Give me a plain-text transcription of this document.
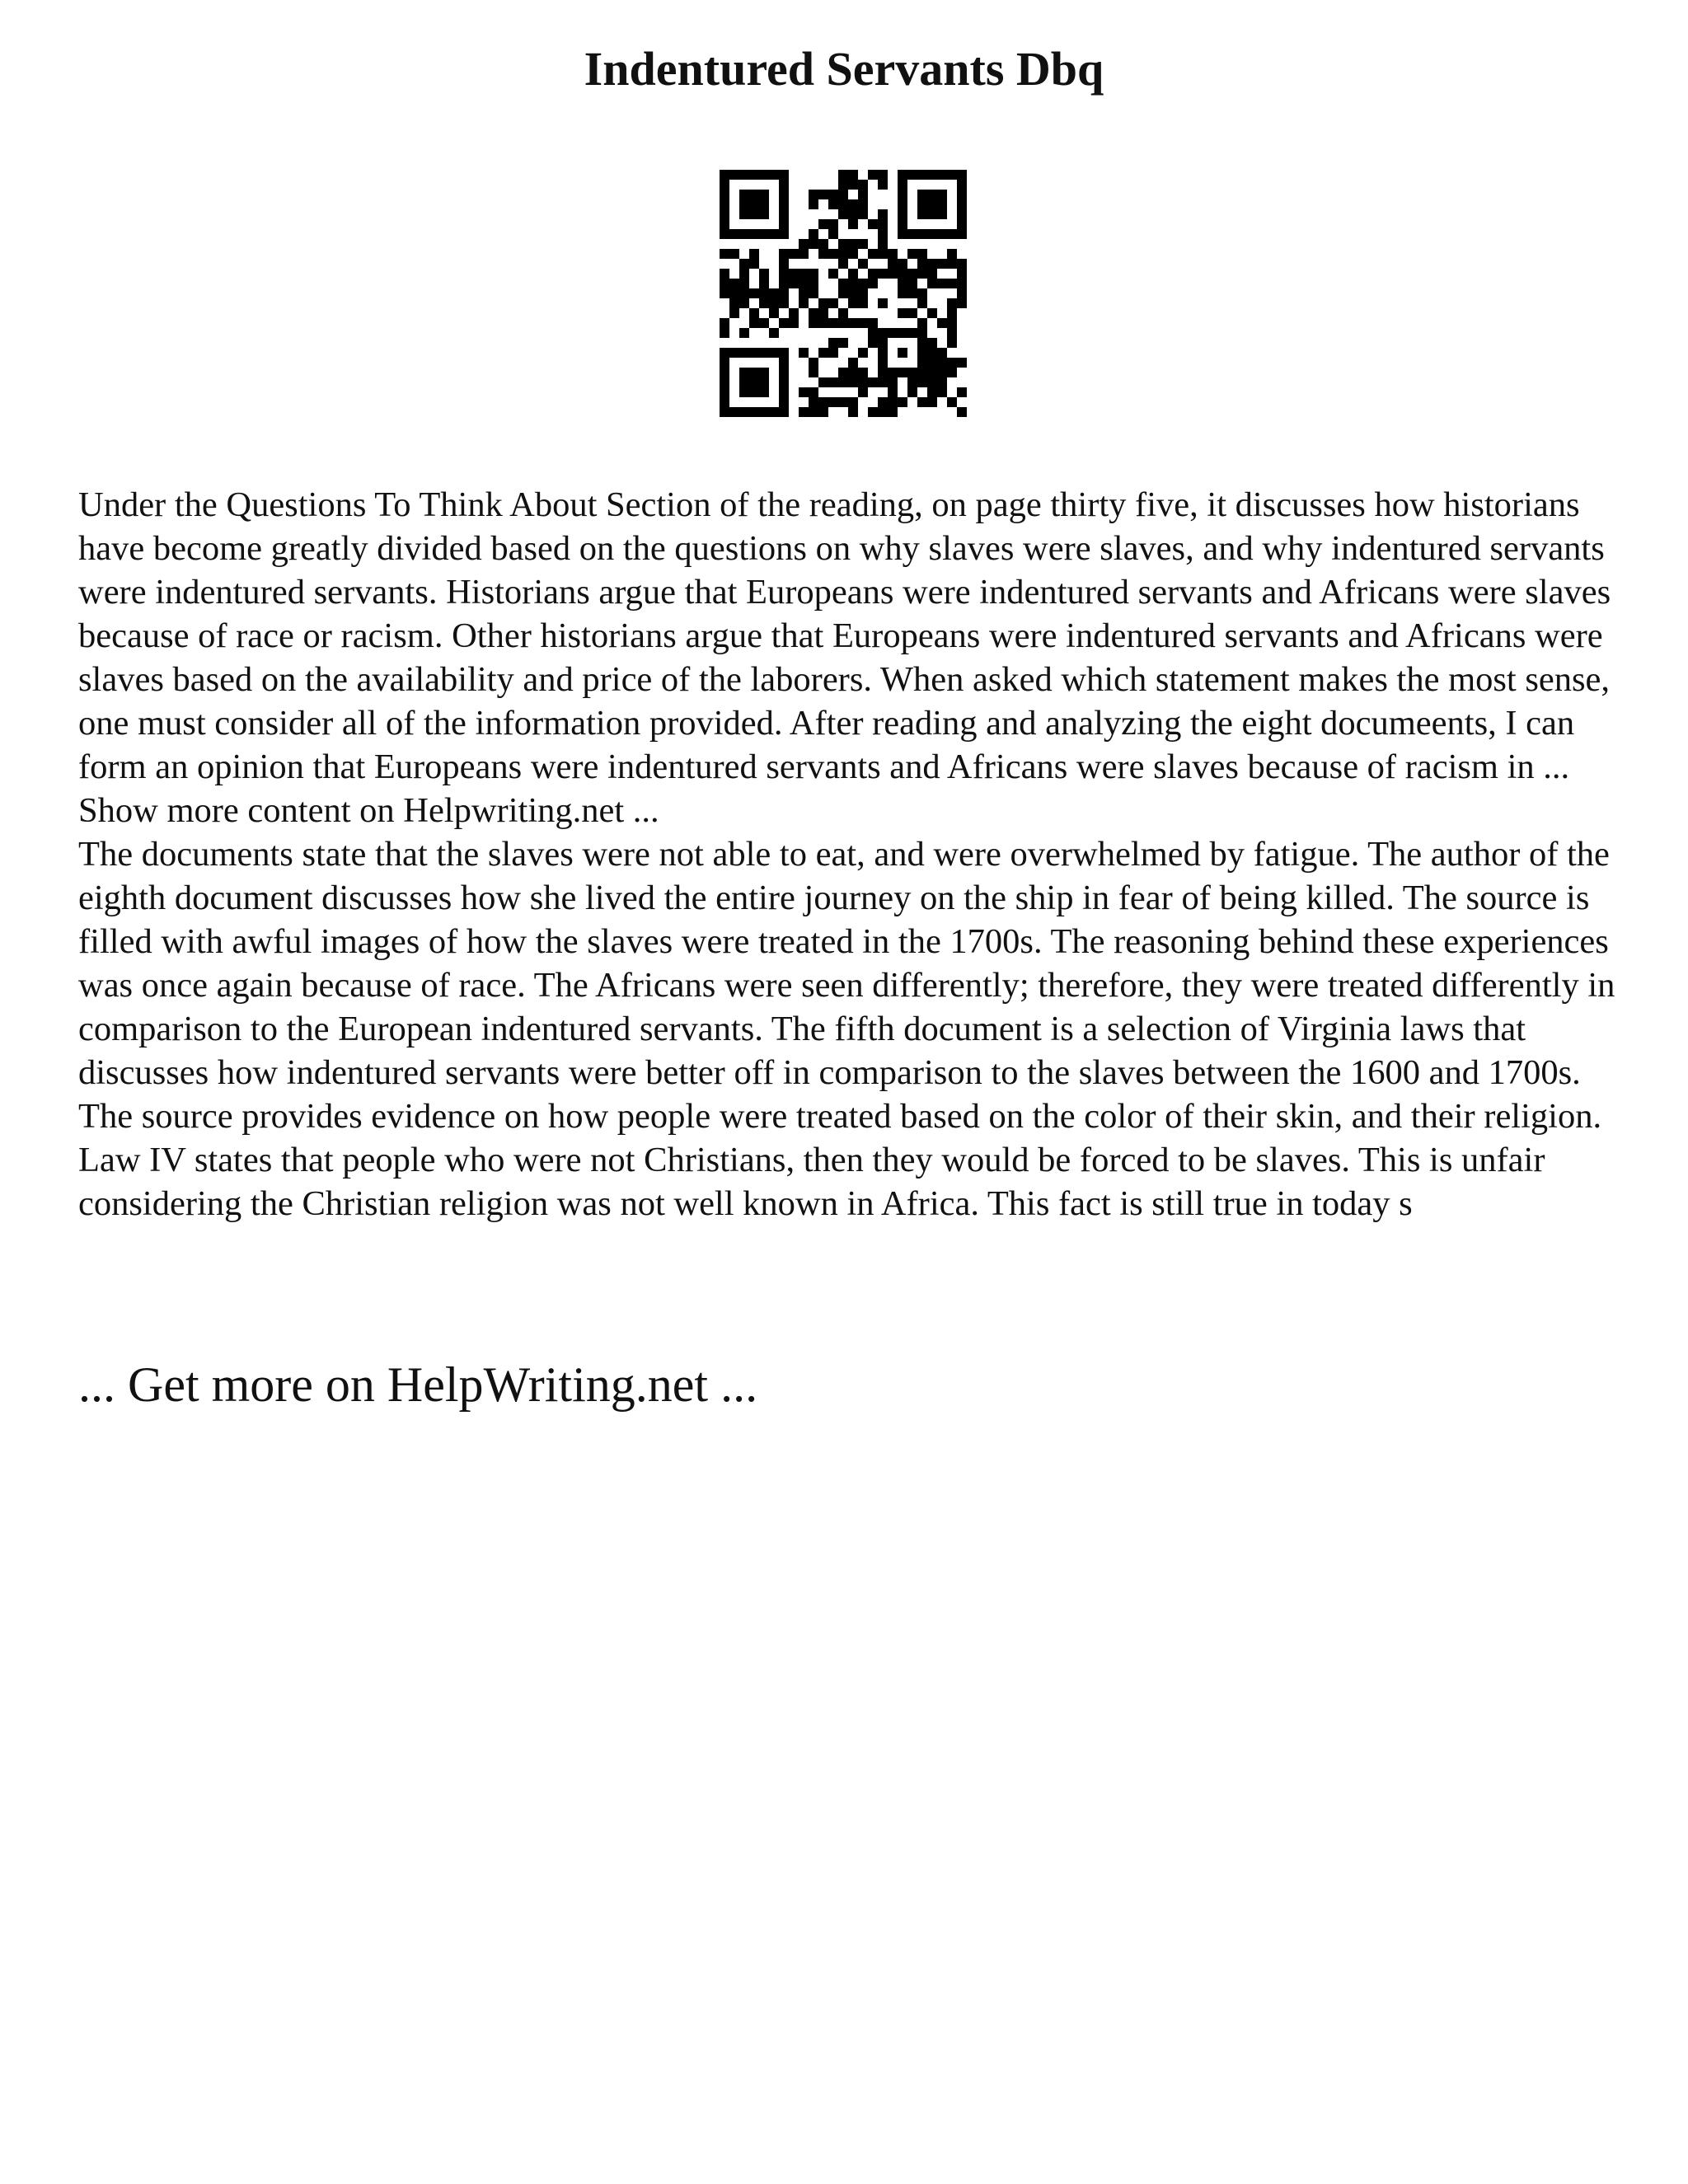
Indentured Servants Dbq

Under the Questions To Think About Section of the reading, on page thirty five, it discusses how historians have become greatly divided based on the questions on why slaves were slaves, and why indentured servants were indentured servants. Historians argue that Europeans were indentured servants and Africans were slaves because of race or racism. Other historians argue that Europeans were indentured servants and Africans were slaves based on the availability and price of the laborers. When asked which statement makes the most sense, one must consider all of the information provided. After reading and analyzing the eight documeents, I can form an opinion that Europeans were indentured servants and Africans were slaves because of racism in ... Show more content on Helpwriting.net ...

The documents state that the slaves were not able to eat, and were overwhelmed by fatigue. The author of the eighth document discusses how she lived the entire journey on the ship in fear of being killed. The source is filled with awful images of how the slaves were treated in the 1700s. The reasoning behind these experiences was once again because of race. The Africans were seen differently; therefore, they were treated differently in comparison to the European indentured servants. The fifth document is a selection of Virginia laws that discusses how indentured servants were better off in comparison to the slaves between the 1600 and 1700s. The source provides evidence on how people were treated based on the color of their skin, and their religion. Law IV states that people who were not Christians, then they would be forced to be slaves. This is unfair considering the Christian religion was not well known in Africa. This fact is still true in today s

... Get more on HelpWriting.net ...
